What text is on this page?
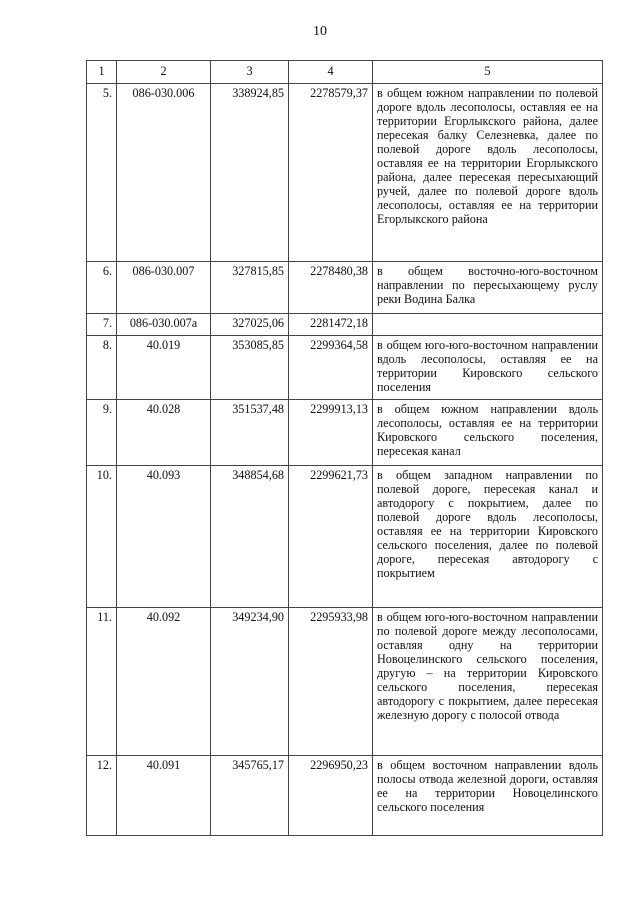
10
1	2	3	4	5
5.	086-030.006	338924,85	2278579,37	в общем южном направлении по полевой дороге вдоль лесополосы, оставляя ее на территории Егорлыкского района, далее пересекая балку Селезневка, далее по полевой дороге вдоль лесополосы, оставляя ее на территории Егорлыкского района, далее пересекая пересыхающий ручей, далее по полевой дороге вдоль лесополосы, оставляя ее на территории Егорлыкского района
6.	086-030.007	327815,85	2278480,38	в общем восточно-юго-восточном направлении по пересыхающему руслу реки Водина Балка
7.	086-030.007а	327025,06	2281472,18	
8.	40.019	353085,85	2299364,58	в общем юго-юго-восточном направлении вдоль лесополосы, оставляя ее на территории Кировского сельского поселения
9.	40.028	351537,48	2299913,13	в общем южном направлении вдоль лесополосы, оставляя ее на территории Кировского сельского поселения, пересекая канал
10.	40.093	348854,68	2299621,73	в общем западном направлении по полевой дороге, пересекая канал и автодорогу с покрытием, далее по полевой дороге вдоль лесополосы, оставляя ее на территории Кировского сельского поселения, далее по полевой дороге, пересекая автодорогу с покрытием
11.	40.092	349234,90	2295933,98	в общем юго-юго-восточном направлении по полевой дороге между лесополосами, оставляя одну на территории Новоцелинского сельского поселения, другую – на территории Кировского сельского поселения, пересекая автодорогу с покрытием, далее пересекая железную дорогу с полосой отвода
12.	40.091	345765,17	2296950,23	в общем восточном направлении вдоль полосы отвода железной дороги, оставляя ее на территории Новоцелинского сельского поселения
